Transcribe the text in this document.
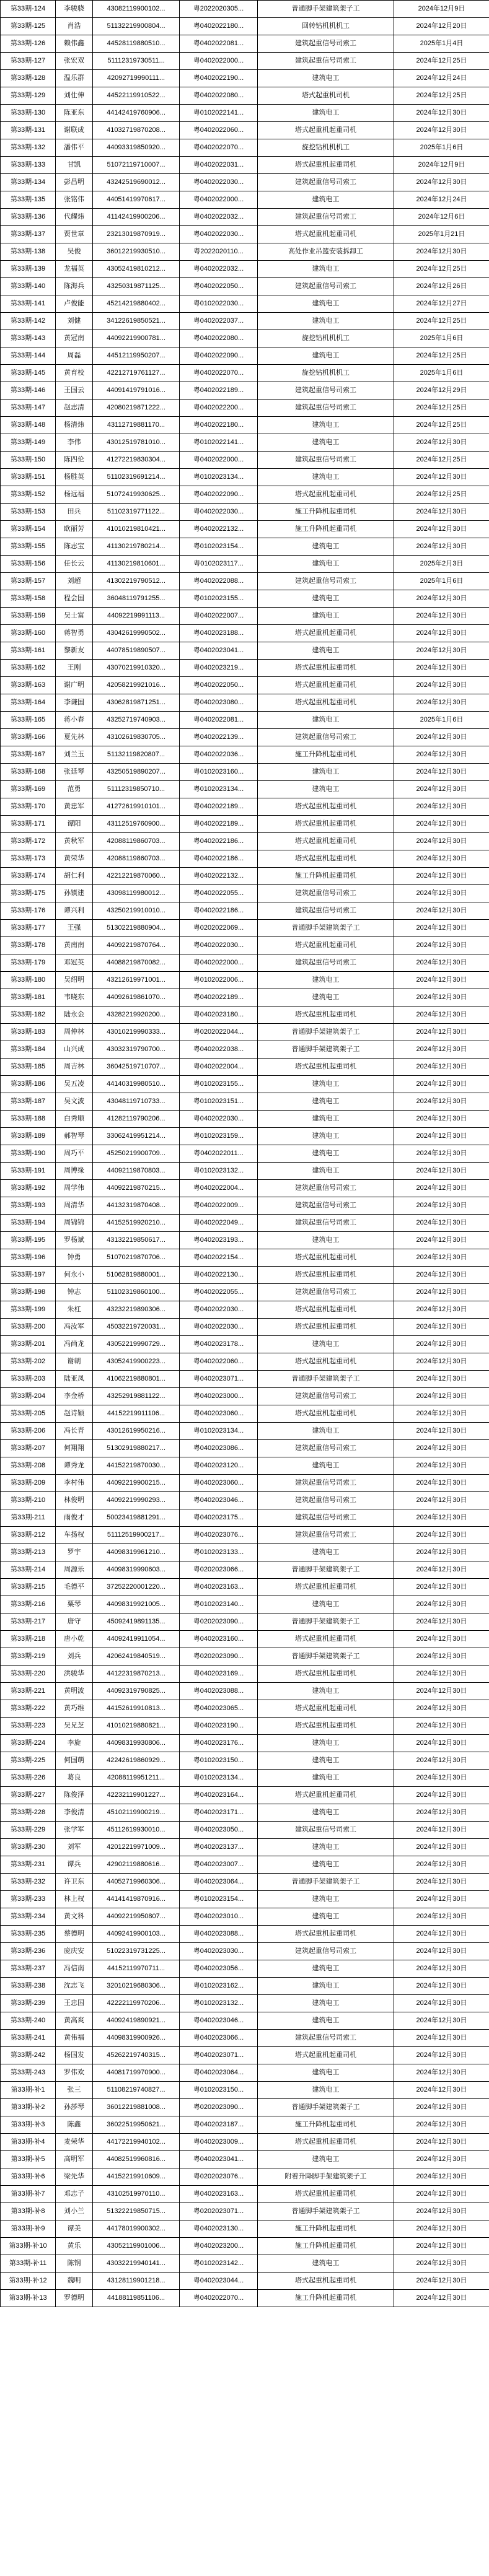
第33期-124	李骏骁	43082119900102...	粤2022020305...	普通脚手架建筑架子工	2024年12月9日
第33期-125	肖浩	51132219900804...	粤0402022180...	回转钻机机机工	2024年12月20日
第33期-126	赖伟鑫	44528119880510...	粤0402022081...	建筑起重信号司索工	2025年1月4日
第33期-127	张宏双	51112319730511...	粤0402022000...	建筑起重信号司索工	2024年12月25日
第33期-128	温乐群	42092719990111...	粤0402022190...	建筑电工	2024年12月24日
第33期-129	刘仕伸	44522119910522...	粤0402022080...	塔式起重机司机	2024年12月25日
第33期-130	陈亚东	44142419760906...	粤0102022141...	建筑电工	2024年12月30日
第33期-131	谢联成	41032719870208...	粤0402022060...	塔式起重机起重司机	2024年12月30日
第33期-132	潘伟平	44093319850920...	粤0402022070...	旋挖钻机机机工	2025年1月6日
第33期-133	甘凯	51072119710007...	粤0402022031...	塔式起重机起重司机	2024年12月9日
第33期-134	彭昌明	43242519690012...	粤0402022030...	建筑起重信号司索工	2024年12月30日
第33期-135	张铭伟	44051419970617...	粤0402022000...	建筑电工	2024年12月24日
第33期-136	代耀炜	41142419900206...	粤0402022032...	建筑起重信号司索工	2024年12月6日
第33期-137	贾世章	23213019870919...	粤0402022030...	塔式起重机起重司机	2025年1月21日
第33期-138	吴俊	36012219930510...	粤2022020110...	高处作业吊篮安装拆卸工	2024年12月30日
第33期-139	龙福英	43052419810212...	粤0402022032...	建筑电工	2024年12月25日
第33期-140	陈海兵	43250319871125...	粤0402022050...	建筑起重信号司索工	2024年12月26日
第33期-141	卢俊能	45214219880402...	粤0102022030...	建筑电工	2024年12月27日
第33期-142	刘健	34122619850521...	粤0402022037...	建筑电工	2024年12月25日
第33期-143	黄冠南	44092219900781...	粤0402022080...	旋挖钻机机机工	2025年1月6日
第33期-144	周磊	44512119950207...	粤0402022090...	建筑电工	2024年12月25日
第33期-145	黄育校	42212719761127...	粤0402022070...	旋挖钻机机机工	2025年1月6日
第33期-146	王国云	44091419791016...	粤0402022189...	建筑起重信号司索工	2024年12月29日
第33期-147	赵志清	42080219871222...	粤0402022200...	建筑起重信号司索工	2024年12月25日
第33期-148	杨清炜	43112719881170...	粤0402022180...	建筑电工	2024年12月25日
第33期-149	李伟	43012519781010...	粤0102022141...	建筑电工	2024年12月30日
第33期-150	陈四伦	41272219830304...	粤0402022000...	建筑起重信号司索工	2024年12月25日
第33期-151	杨胜英	51102319691214...	粤0102023134...	建筑电工	2024年12月30日
第33期-152	杨远福	51072419930625...	粤0402022090...	塔式起重机起重司机	2024年12月25日
第33期-153	田兵	51102319771122...	粤0402022030...	施工升降机起重司机	2024年12月30日
第33期-154	欧丽芳	41010219810421...	粤0402022132...	施工升降机起重司机	2024年12月30日
第33期-155	陈志宝	41130219780214...	粤0102023154...	建筑电工	2024年12月30日
第33期-156	任长云	41130219810601...	粤0102023117...	建筑电工	2025年2月3日
第33期-157	刘超	41302219790512...	粤0402022088...	建筑起重信号司索工	2025年1月6日
第33期-158	程会国	36048119791255...	粤0102023155...	建筑电工	2024年12月30日
第33期-159	吴士富	44092219991113...	粤0402022007...	建筑电工	2024年12月30日
第33期-160	蒋智勇	43042619990502...	粤0402023188...	塔式起重机起重司机	2024年12月30日
第33期-161	黎新友	44078519890507...	粤0402023041...	建筑电工	2024年12月30日
第33期-162	王刚	43070219910320...	粤0402023219...	塔式起重机起重司机	2024年12月30日
第33期-163	谢广明	42058219921016...	粤0402022050...	塔式起重机起重司机	2024年12月30日
第33期-164	李谦国	43062819871251...	粤0402023080...	塔式起重机起重司机	2024年12月30日
第33期-165	蒋小春	43252719740903...	粤0402022081...	建筑电工	2025年1月6日
第33期-166	夏先林	43102619830705...	粤0402022139...	建筑起重信号司索工	2024年12月30日
第33期-167	刘兰玉	51132119820807...	粤0402022036...	施工升降机起重司机	2024年12月30日
第33期-168	张廷琴	43250519890207...	粤0102023160...	建筑电工	2024年12月30日
第33期-169	范勇	51112319850710...	粤0102023134...	建筑电工	2024年12月30日
第33期-170	黄忠军	41272619910101...	粤0402022189...	塔式起重机起重司机	2024年12月30日
第33期-171	谭阳	43112519760900...	粤0402022189...	塔式起重机起重司机	2024年12月30日
第33期-172	黄秋军	42088119860703...	粤0402022186...	塔式起重机起重司机	2024年12月30日
第33期-173	黄荣华	42088119860703...	粤0402022186...	塔式起重机起重司机	2024年12月30日
第33期-174	胡仁利	42212219870060...	粤0402022132...	施工升降机起重司机	2024年12月30日
第33期-175	孙镇建	43098119980012...	粤0402022055...	建筑起重信号司索工	2024年12月30日
第33期-176	谭兴利	43250219910010...	粤0402022186...	建筑起重信号司索工	2024年12月30日
第33期-177	王强	51302219880904...	粤0202022069...	普通脚手架建筑架子工	2024年12月30日
第33期-178	黄南南	44092219870764...	粤0402022030...	塔式起重机起重司机	2024年12月30日
第33期-179	邓冠英	44088219870082...	粤0402022000...	建筑起重信号司索工	2024年12月30日
第33期-180	吴绍明	43212619971001...	粤0102022006...	建筑电工	2024年12月30日
第33期-181	韦晓东	44092619861070...	粤0402022189...	建筑电工	2024年12月30日
第33期-182	陆永金	43282219920200...	粤0402023180...	塔式起重机起重司机	2024年12月30日
第33期-183	周仲林	43010219990333...	粤0202022044...	普通脚手架建筑架子工	2024年12月30日
第33期-184	山兴成	43032319790700...	粤0402022038...	普通脚手架建筑架子工	2024年12月30日
第33期-185	周吉林	36042519710707...	粤0402022004...	塔式起重机起重司机	2024年12月30日
第33期-186	吴五凌	44140319980510...	粤0102023155...	建筑电工	2024年12月30日
第33期-187	吴文波	43048119710733...	粤0102023151...	建筑电工	2024年12月30日
第33期-188	白秀顺	41282119790206...	粤0402022030...	建筑电工	2024年12月30日
第33期-189	郝智琴	33062419951214...	粤0102023159...	建筑电工	2024年12月30日
第33期-190	周巧平	45250219900709...	粤0402022011...	建筑电工	2024年12月30日
第33期-191	周博缘	44092119870803...	粤0102023132...	建筑电工	2024年12月30日
第33期-192	周学伟	44092219870215...	粤0402022004...	建筑起重信号司索工	2024年12月30日
第33期-193	周清华	44132319870408...	粤0402022009...	建筑起重信号司索工	2024年12月30日
第33期-194	周锦锦	44152519920210...	粤0402022049...	建筑起重信号司索工	2024年12月30日
第33期-195	罗杨斌	43132219850617...	粤0402023193...	建筑电工	2024年12月30日
第33期-196	钟勇	51070219870706...	粤0402022154...	塔式起重机起重司机	2024年12月30日
第33期-197	何永小	51062819880001...	粤0402022130...	塔式起重机起重司机	2024年12月30日
第33期-198	钟志	51102319860100...	粤0402022055...	建筑起重信号司索工	2024年12月30日
第33期-199	朱杠	43232219890306...	粤0402022030...	塔式起重机起重司机	2024年12月30日
第33期-200	冯汝军	45032219720031...	粤0402022030...	塔式起重机起重司机	2024年12月30日
第33期-201	冯尚龙	43052219990729...	粤0402023178...	建筑电工	2024年12月30日
第33期-202	谢朝	43052419900223...	粤0402022060...	塔式起重机起重司机	2024年12月30日
第33期-203	陆亚凤	41062219880801...	粤0402023071...	普通脚手架建筑架子工	2024年12月30日
第33期-204	李金桥	43252919881122...	粤0402023000...	建筑起重信号司索工	2024年12月30日
第33期-205	赵诗颖	44152219911106...	粤0402023060...	塔式起重机起重司机	2024年12月30日
第33期-206	冯长青	43012619950216...	粤0102023134...	建筑电工	2024年12月30日
第33期-207	何翔翔	51302919880217...	粤0402023086...	建筑起重信号司索工	2024年12月30日
第33期-208	谭秀龙	44152219870030...	粤0402023120...	建筑电工	2024年12月30日
第33期-209	李村伟	44092219900215...	粤0402023060...	建筑起重信号司索工	2024年12月30日
第33期-210	林俊明	44092219990293...	粤0402023046...	建筑起重信号司索工	2024年12月30日
第33期-211	雨俊才	50023419881291...	粤0402023175...	建筑起重信号司索工	2024年12月30日
第33期-212	车扬权	51112519900217...	粤0402023076...	建筑起重信号司索工	2024年12月30日
第33期-213	罗宇	44098319961210...	粤0102023133...	建筑电工	2024年12月30日
第33期-214	周源乐	44098319990603...	粤0202023066...	普通脚手架建筑架子工	2024年12月30日
第33期-215	毛德平	37252220001220...	粤0402023163...	塔式起重机起重司机	2024年12月30日
第33期-216	粟琴	44098319921005...	粤0102023140...	建筑电工	2024年12月30日
第33期-217	唐守	45092419891135...	粤0202023090...	普通脚手架建筑架子工	2024年12月30日
第33期-218	唐小乾	44092419911054...	粤0402023160...	塔式起重机起重司机	2024年12月30日
第33期-219	刘兵	42062419840519...	粤0202023090...	普通脚手架建筑架子工	2024年12月30日
第33期-220	洪骏华	44122319870213...	粤0402023169...	塔式起重机起重司机	2024年12月30日
第33期-221	黄明波	44092319790825...	粤0402023088...	建筑电工	2024年12月30日
第33期-222	黄巧维	44152619910813...	粤0402023065...	塔式起重机起重司机	2024年12月30日
第33期-223	吴兄芝	41010219880821...	粤0402023190...	塔式起重机起重司机	2024年12月30日
第33期-224	李旋	44098319930806...	粤0402023176...	建筑电工	2024年12月30日
第33期-225	何国萌	42242619860929...	粤0102023150...	建筑电工	2024年12月30日
第33期-226	葛良	42088119951211...	粤0102023134...	建筑电工	2024年12月30日
第33期-227	陈俊泽	42232119901227...	粤0402023164...	塔式起重机起重司机	2024年12月30日
第33期-228	李俊清	45102119900219...	粤0402023171...	建筑电工	2024年12月30日
第33期-229	张学军	45112619930010...	粤0402023050...	建筑起重信号司索工	2024年12月30日
第33期-230	刘军	42012219971009...	粤0402023137...	建筑电工	2024年12月30日
第33期-231	谭兵	42902119880616...	粤0402023007...	建筑电工	2024年12月30日
第33期-232	许卫东	44052719960306...	粤0402023064...	普通脚手架建筑架子工	2024年12月30日
第33期-233	林上权	44141419870916...	粤0102023154...	建筑电工	2024年12月30日
第33期-234	黄文科	44092219950807...	粤0402023010...	建筑电工	2024年12月30日
第33期-235	蔡德明	44092419900103...	粤0402023088...	塔式起重机起重司机	2024年12月30日
第33期-236	庞庆安	51022319731225...	粤0402023030...	建筑起重信号司索工	2024年12月30日
第33期-237	冯信南	44152119970711...	粤0402023056...	建筑电工	2024年12月30日
第33期-238	沈志飞	32010219680306...	粤0102023162...	建筑电工	2024年12月30日
第33期-239	王忠国	42222119970206...	粤0102023132...	建筑电工	2024年12月30日
第33期-240	黄高爽	44092419890921...	粤0402023046...	建筑电工	2024年12月30日
第33期-241	黄伟福	44098319900926...	粤0402023066...	建筑起重信号司索工	2024年12月30日
第33期-242	杨国发	45262219740315...	粤0402023071...	塔式起重机起重司机	2024年12月30日
第33期-243	罗伟欢	44081719970900...	粤0402023064...	建筑电工	2024年12月30日
第33期-补1	张三	51108219740827...	粤0102023150...	建筑电工	2024年12月30日
第33期-补2	孙莎琴	36012219881008...	粤0202023090...	普通脚手架建筑架子工	2024年12月30日
第33期-补3	陈鑫	36022519950621...	粤0402023187...	施工升降机起重司机	2024年12月30日
第33期-补4	麦荣华	44172219940102...	粤0402023009...	塔式起重机起重司机	2024年12月30日
第33期-补5	高明军	44082519960816...	粤0402023041...	建筑电工	2024年12月30日
第33期-补6	梁先华	44152219910609...	粤0202023076...	附着升降脚手架建筑架子工	2024年12月30日
第33期-补7	邓志子	43102519970110...	粤0402023163...	塔式起重机起重司机	2024年12月30日
第33期-补8	刘小兰	51322219850715...	粤0202023071...	普通脚手架建筑架子工	2024年12月30日
第33期-补9	谭美	44178019900302...	粤0402023130...	施工升降机起重司机	2024年12月30日
第33期-补10	黄乐	43052119901006...	粤0402023200...	施工升降机起重司机	2024年12月30日
第33期-补11	陈钢	43032219940141...	粤0102023142...	建筑电工	2024年12月30日
第33期-补12	魏明	43128119901218...	粤0402023044...	塔式起重机起重司机	2024年12月30日
第33期-补13	罗德明	44188119851106...	粤0402022070...	施工升降机起重司机	2024年12月30日
